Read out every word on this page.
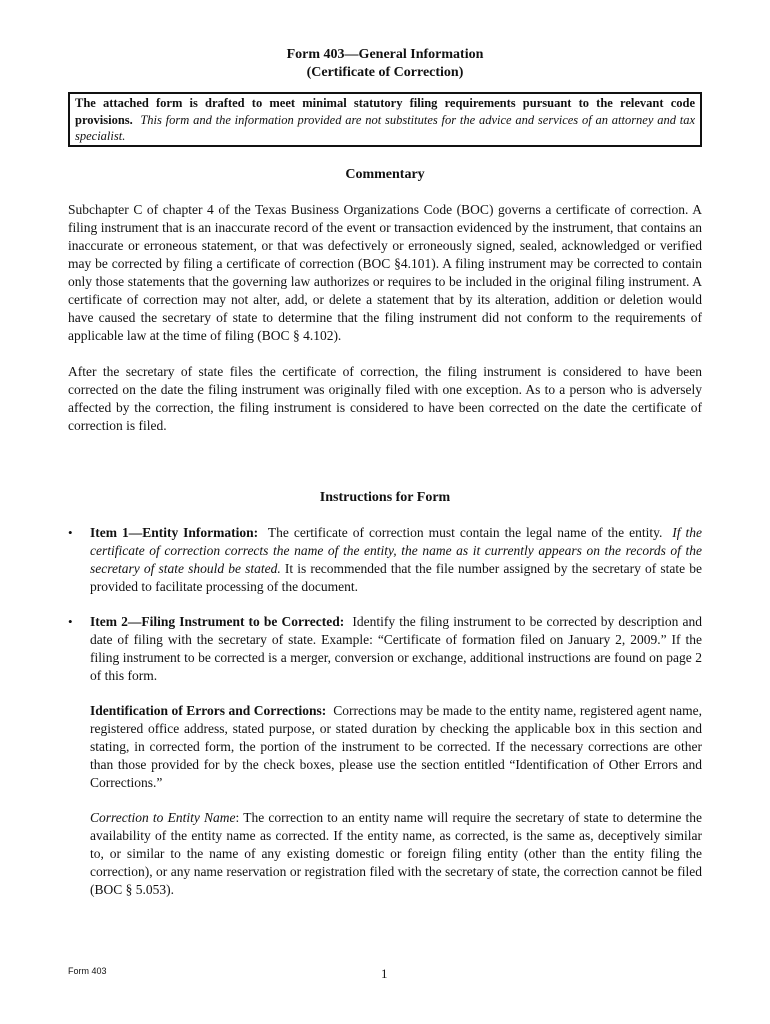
Form 403—General Information
(Certificate of Correction)
The attached form is drafted to meet minimal statutory filing requirements pursuant to the relevant code provisions. This form and the information provided are not substitutes for the advice and services of an attorney and tax specialist.
Commentary

Subchapter C of chapter 4 of the Texas Business Organizations Code (BOC) governs a certificate of correction. A filing instrument that is an inaccurate record of the event or transaction evidenced by the instrument, that contains an inaccurate or erroneous statement, or that was defectively or erroneously signed, sealed, acknowledged or verified may be corrected by filing a certificate of correction (BOC §4.101). A filing instrument may be corrected to contain only those statements that the governing law authorizes or requires to be included in the original filing instrument. A certificate of correction may not alter, add, or delete a statement that by its alteration, addition or deletion would have caused the secretary of state to determine that the filing instrument did not conform to the requirements of applicable law at the time of filing (BOC § 4.102).

After the secretary of state files the certificate of correction, the filing instrument is considered to have been corrected on the date the filing instrument was originally filed with one exception. As to a person who is adversely affected by the correction, the filing instrument is considered to have been corrected on the date the certificate of correction is filed.

Instructions for Form
• Item 1—Entity Information: The certificate of correction must contain the legal name of the entity. If the certificate of correction corrects the name of the entity, the name as it currently appears on the records of the secretary of state should be stated. It is recommended that the file number assigned by the secretary of state be provided to facilitate processing of the document.
• Item 2—Filing Instrument to be Corrected: Identify the filing instrument to be corrected by description and date of filing with the secretary of state. Example: “Certificate of formation filed on January 2, 2009.” If the filing instrument to be corrected is a merger, conversion or exchange, additional instructions are found on page 2 of this form.

Identification of Errors and Corrections: Corrections may be made to the entity name, registered agent name, registered office address, stated purpose, or stated duration by checking the applicable box in this section and stating, in corrected form, the portion of the instrument to be corrected. If the necessary corrections are other than those provided for by the check boxes, please use the section entitled “Identification of Other Errors and Corrections.”

Correction to Entity Name: The correction to an entity name will require the secretary of state to determine the availability of the entity name as corrected. If the entity name, as corrected, is the same as, deceptively similar to, or similar to the name of any existing domestic or foreign filing entity (other than the entity filing the correction), or any name reservation or registration filed with the secretary of state, the correction cannot be filed (BOC § 5.053).

Form 403	1
